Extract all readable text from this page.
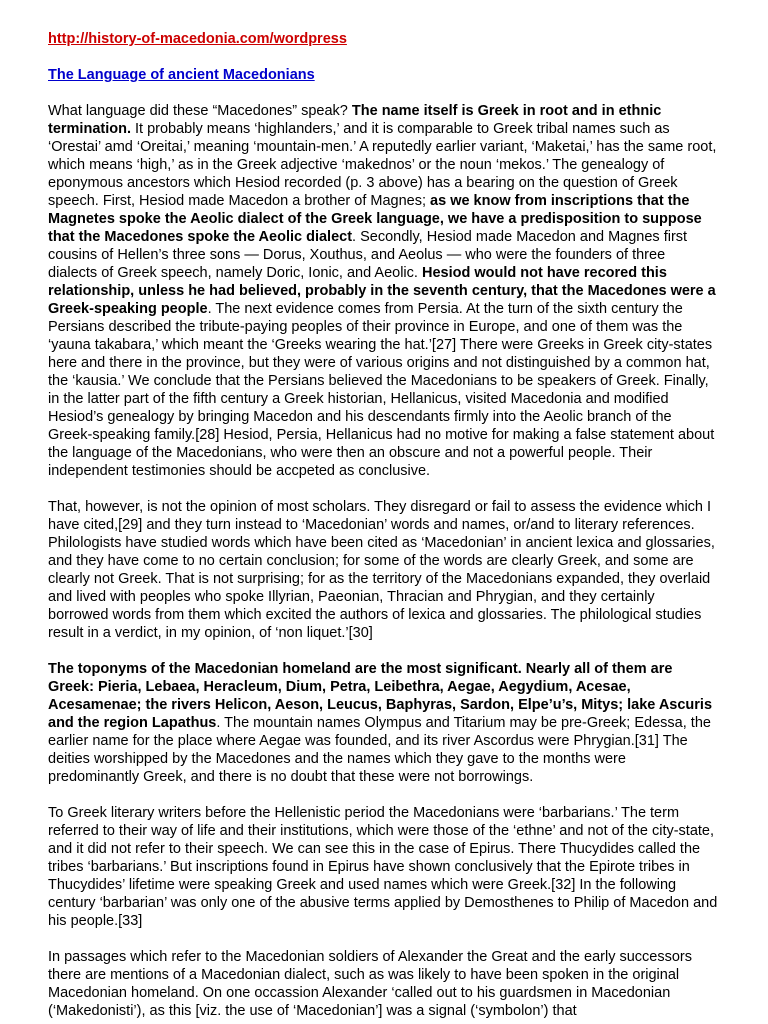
http://history-of-macedonia.com/wordpress
The Language of ancient Macedonians

What language did these “Macedones” speak? The name itself is Greek in root and in ethnic termination. It probably means ‘highlanders,’ and it is comparable to Greek tribal names such as ‘Orestai’ amd ‘Oreitai,’ meaning ‘mountain-men.’ A reputedly earlier variant, ‘Maketai,’ has the same root, which means ‘high,’ as in the Greek adjective ‘makednos’ or the noun ‘mekos.’ The genealogy of eponymous ancestors which Hesiod recorded (p. 3 above) has a bearing on the question of Greek speech. First, Hesiod made Macedon a brother of Magnes; as we know from inscriptions that the Magnetes spoke the Aeolic dialect of the Greek language, we have a predisposition to suppose that the Macedones spoke the Aeolic dialect. Secondly, Hesiod made Macedon and Magnes first cousins of Hellen’s three sons — Dorus, Xouthus, and Aeolus — who were the founders of three dialects of Greek speech, namely Doric, Ionic, and Aeolic. Hesiod would not have recored this relationship, unless he had believed, probably in the seventh century, that the Macedones were a Greek-speaking people. The next evidence comes from Persia. At the turn of the sixth century the Persians described the tribute-paying peoples of their province in Europe, and one of them was the ‘yauna takabara,’ which meant the ‘Greeks wearing the hat.’[27] There were Greeks in Greek city-states here and there in the province, but they were of various origins and not distinguished by a common hat, the ‘kausia.’ We conclude that the Persians believed the Macedonians to be speakers of Greek. Finally, in the latter part of the fifth century a Greek historian, Hellanicus, visited Macedonia and modified Hesiod’s genealogy by bringing Macedon and his descendants firmly into the Aeolic branch of the Greek-speaking family.[28] Hesiod, Persia, Hellanicus had no motive for making a false statement about the language of the Macedonians, who were then an obscure and not a powerful people. Their independent testimonies should be accpeted as conclusive.

That, however, is not the opinion of most scholars. They disregard or fail to assess the evidence which I have cited,[29] and they turn instead to ‘Macedonian’ words and names, or/and to literary references. Philologists have studied words which have been cited as ‘Macedonian’ in ancient lexica and glossaries, and they have come to no certain conclusion; for some of the words are clearly Greek, and some are clearly not Greek. That is not surprising; for as the territory of the Macedonians expanded, they overlaid and lived with peoples who spoke Illyrian, Paeonian, Thracian and Phrygian, and they certainly borrowed words from them which excited the authors of lexica and glossaries. The philological studies result in a verdict, in my opinion, of ‘non liquet.’[30]

The toponyms of the Macedonian homeland are the most significant. Nearly all of them are Greek: Pieria, Lebaea, Heracleum, Dium, Petra, Leibethra, Aegae, Aegydium, Acesae, Acesamenae; the rivers Helicon, Aeson, Leucus, Baphyras, Sardon, Elpe’u’s, Mitys; lake Ascuris and the region Lapathus. The mountain names Olympus and Titarium may be pre-Greek; Edessa, the earlier name for the place where Aegae was founded, and its river Ascordus were Phrygian.[31] The deities worshipped by the Macedones and the names which they gave to the months were predominantly Greek, and there is no doubt that these were not borrowings.

To Greek literary writers before the Hellenistic period the Macedonians were ‘barbarians.’ The term referred to their way of life and their institutions, which were those of the ‘ethne’ and not of the city-state, and it did not refer to their speech. We can see this in the case of Epirus. There Thucydides called the tribes ‘barbarians.’ But inscriptions found in Epirus have shown conclusively that the Epirote tribes in Thucydides’ lifetime were speaking Greek and used names which were Greek.[32] In the following century ‘barbarian’ was only one of the abusive terms applied by Demosthenes to Philip of Macedon and his people.[33]

In passages which refer to the Macedonian soldiers of Alexander the Great and the early successors there are mentions of a Macedonian dialect, such as was likely to have been spoken in the original Macedonian homeland. On one occassion Alexander ‘called out to his guardsmen in Macedonian (‘Makedonisti’), as this [viz. the use of ‘Macedonian’] was a signal (‘symbolon’) that
